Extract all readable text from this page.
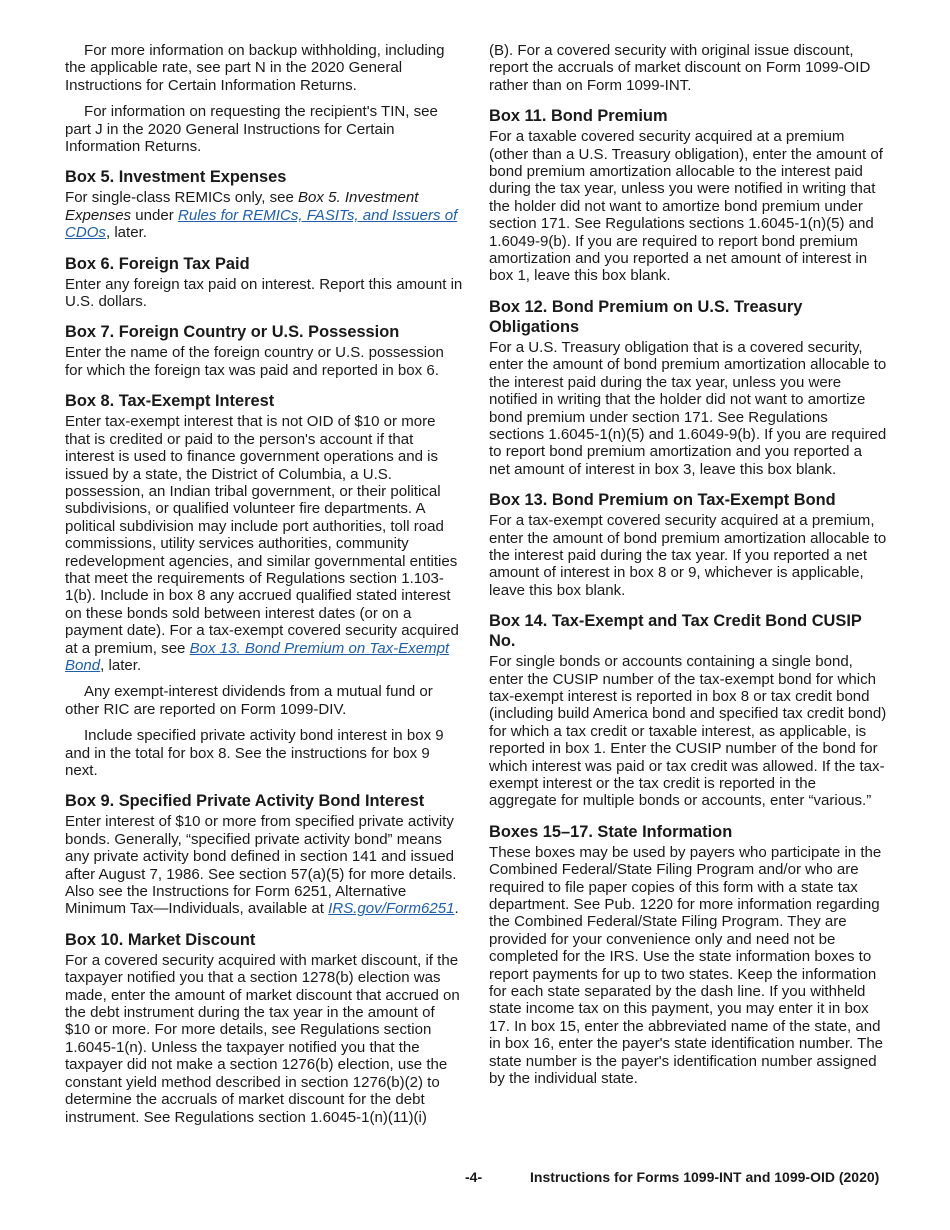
For more information on backup withholding, including the applicable rate, see part N in the 2020 General Instructions for Certain Information Returns.

For information on requesting the recipient's TIN, see part J in the 2020 General Instructions for Certain Information Returns.

Box 5. Investment Expenses

For single-class REMICs only, see Box 5. Investment Expenses under Rules for REMICs, FASITs, and Issuers of CDOs, later.

Box 6. Foreign Tax Paid

Enter any foreign tax paid on interest. Report this amount in U.S. dollars.

Box 7. Foreign Country or U.S. Possession

Enter the name of the foreign country or U.S. possession for which the foreign tax was paid and reported in box 6.

Box 8. Tax-Exempt Interest

Enter tax-exempt interest that is not OID of $10 or more that is credited or paid to the person's account if that interest is used to finance government operations and is issued by a state, the District of Columbia, a U.S. possession, an Indian tribal government, or their political subdivisions, or qualified volunteer fire departments. A political subdivision may include port authorities, toll road commissions, utility services authorities, community redevelopment agencies, and similar governmental entities that meet the requirements of Regulations section 1.103-1(b). Include in box 8 any accrued qualified stated interest on these bonds sold between interest dates (or on a payment date). For a tax-exempt covered security acquired at a premium, see Box 13. Bond Premium on Tax-Exempt Bond, later.

Any exempt-interest dividends from a mutual fund or other RIC are reported on Form 1099-DIV.

Include specified private activity bond interest in box 9 and in the total for box 8. See the instructions for box 9 next.

Box 9. Specified Private Activity Bond Interest

Enter interest of $10 or more from specified private activity bonds. Generally, “specified private activity bond” means any private activity bond defined in section 141 and issued after August 7, 1986. See section 57(a)(5) for more details. Also see the Instructions for Form 6251, Alternative Minimum Tax—Individuals, available at IRS.gov/Form6251.

Box 10. Market Discount

For a covered security acquired with market discount, if the taxpayer notified you that a section 1278(b) election was made, enter the amount of market discount that accrued on the debt instrument during the tax year in the amount of $10 or more. For more details, see Regulations section 1.6045-1(n). Unless the taxpayer notified you that the taxpayer did not make a section 1276(b) election, use the constant yield method described in section 1276(b)(2) to determine the accruals of market discount for the debt instrument. See Regulations section 1.6045-1(n)(11)(i)

(B). For a covered security with original issue discount, report the accruals of market discount on Form 1099-OID rather than on Form 1099-INT.

Box 11. Bond Premium

For a taxable covered security acquired at a premium (other than a U.S. Treasury obligation), enter the amount of bond premium amortization allocable to the interest paid during the tax year, unless you were notified in writing that the holder did not want to amortize bond premium under section 171. See Regulations sections 1.6045-1(n)(5) and 1.6049-9(b). If you are required to report bond premium amortization and you reported a net amount of interest in box 1, leave this box blank.

Box 12. Bond Premium on U.S. Treasury Obligations

For a U.S. Treasury obligation that is a covered security, enter the amount of bond premium amortization allocable to the interest paid during the tax year, unless you were notified in writing that the holder did not want to amortize bond premium under section 171. See Regulations sections 1.6045-1(n)(5) and 1.6049-9(b). If you are required to report bond premium amortization and you reported a net amount of interest in box 3, leave this box blank.

Box 13. Bond Premium on Tax-Exempt Bond

For a tax-exempt covered security acquired at a premium, enter the amount of bond premium amortization allocable to the interest paid during the tax year. If you reported a net amount of interest in box 8 or 9, whichever is applicable, leave this box blank.

Box 14. Tax-Exempt and Tax Credit Bond CUSIP No.

For single bonds or accounts containing a single bond, enter the CUSIP number of the tax-exempt bond for which tax-exempt interest is reported in box 8 or tax credit bond (including build America bond and specified tax credit bond) for which a tax credit or taxable interest, as applicable, is reported in box 1. Enter the CUSIP number of the bond for which interest was paid or tax credit was allowed. If the tax-exempt interest or the tax credit is reported in the aggregate for multiple bonds or accounts, enter “various.”

Boxes 15–17. State Information

These boxes may be used by payers who participate in the Combined Federal/State Filing Program and/or who are required to file paper copies of this form with a state tax department. See Pub. 1220 for more information regarding the Combined Federal/State Filing Program. They are provided for your convenience only and need not be completed for the IRS. Use the state information boxes to report payments for up to two states. Keep the information for each state separated by the dash line. If you withheld state income tax on this payment, you may enter it in box 17. In box 15, enter the abbreviated name of the state, and in box 16, enter the payer's state identification number. The state number is the payer's identification number assigned by the individual state.

-4-	Instructions for Forms 1099-INT and 1099-OID (2020)
